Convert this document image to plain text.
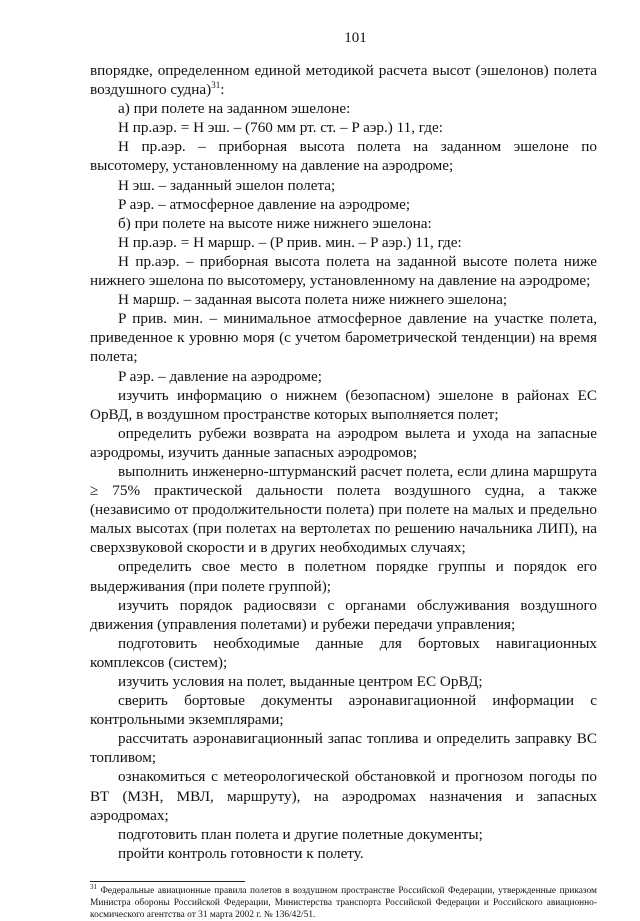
101

впорядке, определенном единой методикой расчета высот (эшелонов) полета воздушного судна)$^{31}$:

а) при полете на заданном эшелоне:

H пр.аэр. = H эш. – (760 мм рт. ст. – P аэр.) 11, где:

H пр.аэр. – приборная высота полета на заданном эшелоне по высотомеру, установленному на давление на аэродроме;

H эш. – заданный эшелон полета;

P аэр. – атмосферное давление на аэродроме;

б) при полете на высоте ниже нижнего эшелона:

H пр.аэр. = H маршр. – (P прив. мин. – P аэр.) 11, где:

H пр.аэр. – приборная высота полета на заданной высоте полета ниже нижнего эшелона по высотомеру, установленному на давление на аэродроме;

H маршр. – заданная высота полета ниже нижнего эшелона;

P прив. мин. – минимальное атмосферное давление на участке полета, приведенное к уровню моря (с учетом барометрической тенденции) на время полета;

P аэр. – давление на аэродроме;

изучить информацию о нижнем (безопасном) эшелоне в районах ЕС ОрВД, в воздушном пространстве которых выполняется полет;

определить рубежи возврата на аэродром вылета и ухода на запасные аэродромы, изучить данные запасных аэродромов;

выполнить инженерно-штурманский расчет полета, если длина маршрута ≥ 75% практической дальности полета воздушного судна, а также (независимо от продолжительности полета) при полете на малых и предельно малых высотах (при полетах на вертолетах по решению начальника ЛИП), на сверхзвуковой скорости и в других необходимых случаях;

определить свое место в полетном порядке группы и порядок его выдерживания (при полете группой);

изучить порядок радиосвязи с органами обслуживания воздушного движения (управления полетами) и рубежи передачи управления;

подготовить необходимые данные для бортовых навигационных комплексов (систем);

изучить условия на полет, выданные центром ЕС ОрВД;

сверить бортовые документы аэронавигационной информации с контрольными экземплярами;

рассчитать аэронавигационный запас топлива и определить заправку ВС топливом;

ознакомиться с метеорологической обстановкой и прогнозом погоды по ВТ (МЗН, МВЛ, маршруту), на аэродромах назначения и запасных аэродромах;

подготовить план полета и другие полетные документы;

пройти контроль готовности к полету.

$^{31}$ Федеральные авиационные правила полетов в воздушном пространстве Российской Федерации, утвержденные приказом Министра обороны Российской Федерации, Министерства транспорта Российской Федерации и Российского авиационно-космического агентства от 31 марта 2002 г. № 136/42/51.
